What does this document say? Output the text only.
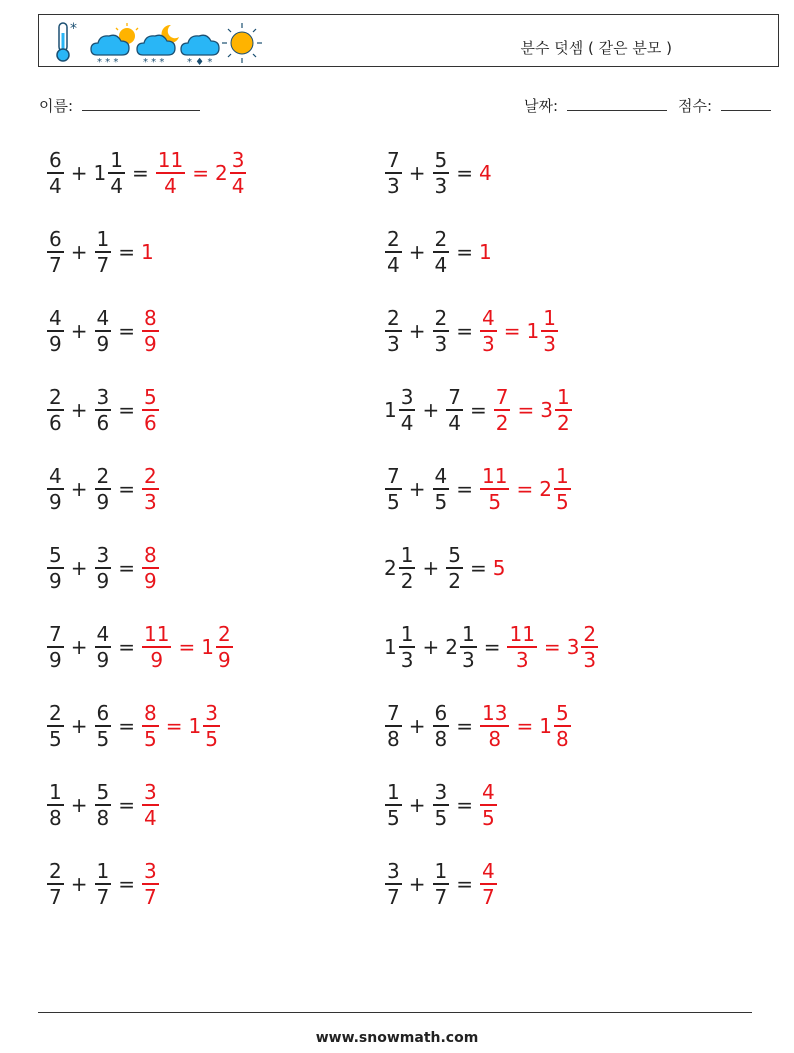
*
* * * * * * * ♦ *
분수 덧셈 ( 같은 분모 )
이름:	날짜:	점수:
$\frac{6}{4} + 1 \frac{1}{4} = \frac{11}{4} = 2 \frac{3}{4}$	$\frac{7}{3} + \frac{5}{3} = 4$
$\frac{6}{7} + \frac{1}{7} = 1$	$\frac{2}{4} + \frac{2}{4} = 1$
$\frac{4}{9} + \frac{4}{9} = \frac{8}{9}$	$\frac{2}{3} + \frac{2}{3} = \frac{4}{3} = 1 \frac{1}{3}$
$\frac{2}{6} + \frac{3}{6} = \frac{5}{6}$	$1 \frac{3}{4} + \frac{7}{4} = \frac{7}{2} = 3 \frac{1}{2}$
$\frac{4}{9} + \frac{2}{9} = \frac{2}{3}$	$\frac{7}{5} + \frac{4}{5} = \frac{11}{5} = 2 \frac{1}{5}$
$\frac{5}{9} + \frac{3}{9} = \frac{8}{9}$	$2 \frac{1}{2} + \frac{5}{2} = 5$
$\frac{7}{9} + \frac{4}{9} = \frac{11}{9} = 1 \frac{2}{9}$	$1 \frac{1}{3} + 2 \frac{1}{3} = \frac{11}{3} = 3 \frac{2}{3}$
$\frac{2}{5} + \frac{6}{5} = \frac{8}{5} = 1 \frac{3}{5}$	$\frac{7}{8} + \frac{6}{8} = \frac{13}{8} = 1 \frac{5}{8}$
$\frac{1}{8} + \frac{5}{8} = \frac{3}{4}$	$\frac{1}{5} + \frac{3}{5} = \frac{4}{5}$
$\frac{2}{7} + \frac{1}{7} = \frac{3}{7}$	$\frac{3}{7} + \frac{1}{7} = \frac{4}{7}$
www.snowmath.com
